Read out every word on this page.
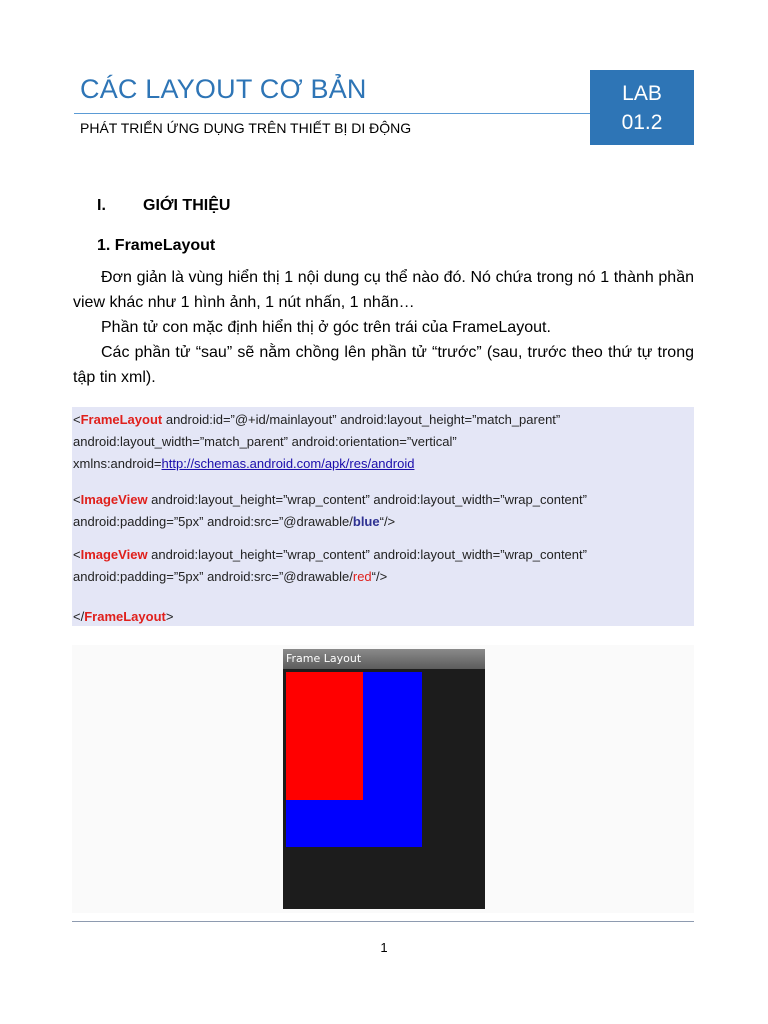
CÁC LAYOUT CƠ BẢN
PHÁT TRIỂN ỨNG DỤNG TRÊN THIẾT BỊ DI ĐỘNG
LAB
01.2
I. GIỚI THIỆU
1. FrameLayout
Đơn giản là vùng hiển thị 1 nội dung cụ thể nào đó. Nó chứa trong nó 1 thành phần view khác như 1 hình ảnh, 1 nút nhấn, 1 nhãn…
Phần tử con mặc định hiển thị ở góc trên trái của FrameLayout.
Các phần tử “sau” sẽ nằm chồng lên phần tử “trước” (sau, trước theo thứ tự trong tập tin xml).
<FrameLayout android:id=”@+id/mainlayout” android:layout_height=”match_parent” android:layout_width=”match_parent” android:orientation=”vertical” xmlns:android=http://schemas.android.com/apk/res/android
<ImageView android:layout_height=”wrap_content” android:layout_width=”wrap_content” android:padding=”5px” android:src=”@drawable/blue“/>
<ImageView android:layout_height=”wrap_content” android:layout_width=”wrap_content” android:padding=”5px” android:src=”@drawable/red“/>
</FrameLayout>
Frame Layout
1
